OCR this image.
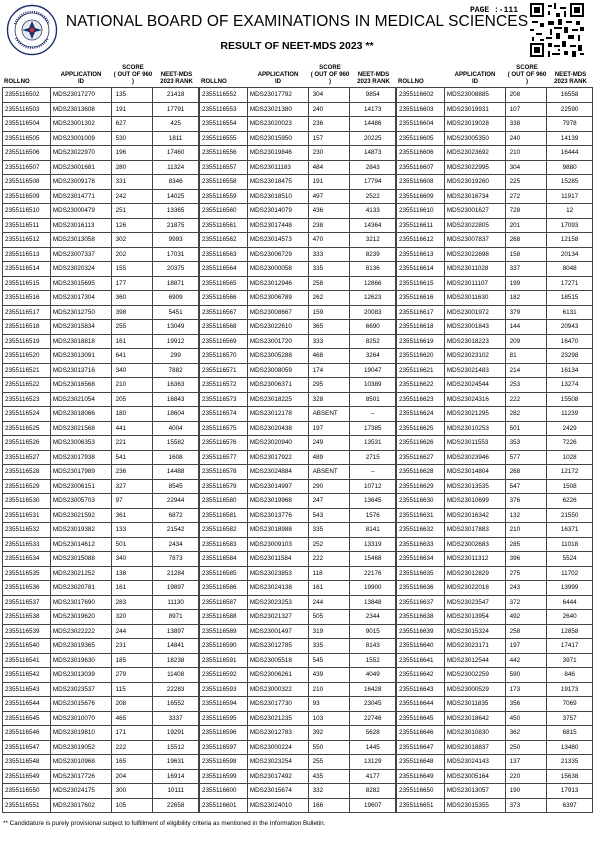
PAGE :-111
NATIONAL BOARD OF EXAMINATIONS IN MEDICAL SCIENCES
RESULT OF NEET-MDS 2023 **
ROLLNO
APPLICATION
ID
SCORE
( OUT OF 960 )
NEET-MDS
2023 RANK
2355116502	MDS23017270	135	21418
2355116503	MDS23013608	191	17791
2355116504	MDS23001302	627	425
2355116505	MDS23001009	530	1811
2355116506	MDS23022970	196	17460
2355116507	MDS23001681	280	11324
2355116508	MDS23009178	331	8346
2355116509	MDS23014771	242	14025
2355116510	MDS23000479	251	13365
2355116511	MDS23016113	126	21875
2355116512	MDS23013058	302	9993
2355116513	MDS23007337	202	17031
2355116514	MDS23020324	155	20375
2355116515	MDS23015695	177	18871
2355116516	MDS23017304	360	6909
2355116517	MDS23012750	398	5451
2355116518	MDS23015834	255	13049
2355116519	MDS23018818	161	19912
2355116520	MDS23013091	641	299
2355116521	MDS23013716	340	7882
2355116522	MDS23016568	210	16363
2355116523	MDS23021054	205	16843
2355116524	MDS23018066	180	18604
2355116525	MDS23021568	441	4004
2355116526	MDS23006353	221	15582
2355116527	MDS23017938	541	1608
2355116528	MDS23017989	236	14488
2355116529	MDS23006151	327	8545
2355116530	MDS23005703	97	22944
2355116531	MDS23021592	361	6872
2355116532	MDS23019382	133	21542
2355116533	MDS23014612	501	2434
2355116534	MDS23015088	340	7873
2355116535	MDS23021252	138	21284
2355116536	MDS23020781	161	19897
2355116537	MDS23017690	283	11130
2355116538	MDS23019620	320	8971
2355116539	MDS23022222	244	13897
2355116540	MDS23019365	231	14841
2355116541	MDS23019630	185	18238
2355116542	MDS23013039	279	11408
2355116543	MDS23023537	115	22283
2355116544	MDS23015676	208	16552
2355116545	MDS23010070	465	3337
2355116546	MDS23019810	171	19291
2355116547	MDS23019052	222	15512
2355116548	MDS23010968	165	19631
2355116549	MDS23017726	204	16914
2355116550	MDS23024175	300	10111
2355116551	MDS23017602	105	22658
ROLLNO
APPLICATION
ID
SCORE
( OUT OF 960 )
NEET-MDS
2023 RANK
2355116552	MDS23017792	304	9854
2355116553	MDS23021380	240	14173
2355116554	MDS23020023	236	14486
2355116555	MDS23015950	157	20225
2355116556	MDS23019846	230	14873
2355116557	MDS23011183	484	2843
2355116558	MDS23018475	191	17794
2355116559	MDS23018510	497	2522
2355116560	MDS23014079	436	4133
2355116561	MDS23017448	238	14364
2355116562	MDS23014573	470	3212
2355116563	MDS23006729	333	8239
2355116564	MDS23000058	335	8136
2355116565	MDS23012946	258	12866
2355116566	MDS23006789	262	12623
2355116567	MDS23008667	159	20083
2355116568	MDS23022610	365	6690
2355116569	MDS23001720	333	8252
2355116570	MDS23005288	468	3264
2355116571	MDS23008059	174	19047
2355116572	MDS23006371	295	10389
2355116573	MDS23018225	328	8501
2355116574	MDS23012178	ABSENT	--
2355116575	MDS23020438	197	17385
2355116576	MDS23020940	249	13531
2355116577	MDS23017922	489	2715
2355116578	MDS23024884	ABSENT	--
2355116579	MDS23014997	290	10712
2355116580	MDS23019968	247	13645
2355116581	MDS23013776	543	1576
2355116582	MDS23018988	335	8141
2355116583	MDS23009103	252	13319
2355116584	MDS23011584	222	15468
2355116585	MDS23023853	118	22176
2355116586	MDS23024138	161	19900
2355116587	MDS23023253	244	13848
2355116588	MDS23021327	505	2344
2355116589	MDS23001497	319	9015
2355116590	MDS23012785	335	8143
2355116591	MDS23005518	545	1552
2355116592	MDS23006261	439	4049
2355116593	MDS23000322	210	16428
2355116594	MDS23017730	93	23045
2355116595	MDS23021235	103	22746
2355116596	MDS23012783	392	5628
2355116597	MDS23000224	550	1445
2355116598	MDS23023254	255	13129
2355116599	MDS23017492	435	4177
2355116600	MDS23015674	332	8282
2355116601	MDS23024010	166	19607
ROLLNO
APPLICATION
ID
SCORE
( OUT OF 960 )
NEET-MDS
2023 RANK
2355116602	MDS23008885	208	16558
2355116603	MDS23019931	107	22590
2355116604	MDS23019028	338	7978
2355116605	MDS23005350	240	14139
2355116606	MDS23023692	210	16444
2355116607	MDS23022995	304	9880
2355116608	MDS23019260	225	15285
2355116609	MDS23016734	272	11917
2355116610	MDS23001627	728	12
2355116611	MDS23022805	201	17093
2355116612	MDS23007837	268	12158
2355116613	MDS23022698	158	20134
2355116614	MDS23011028	337	8048
2355116615	MDS23011107	199	17271
2355116616	MDS23011630	182	18515
2355116617	MDS23001972	379	6131
2355116618	MDS23001843	144	20943
2355116619	MDS23018223	209	16470
2355116620	MDS23023102	81	23298
2355116621	MDS23021483	214	16134
2355116622	MDS23024544	253	13274
2355116623	MDS23024316	222	15508
2355116624	MDS23021295	282	11239
2355116625	MDS23010253	501	2429
2355116626	MDS23011553	353	7226
2355116627	MDS23023946	577	1028
2355116628	MDS23014804	268	12172
2355116629	MDS23013535	547	1508
2355116630	MDS23010699	376	6226
2355116631	MDS23016342	132	21550
2355116632	MDS23017883	210	16371
2355116633	MDS23002683	285	11018
2355116634	MDS23011312	396	5524
2355116635	MDS23012829	275	11702
2355116636	MDS23022018	243	13999
2355116637	MDS23023547	372	6444
2355116638	MDS23013954	492	2640
2355116639	MDS23015324	258	12858
2355116640	MDS23023171	197	17417
2355116641	MDS23012544	442	3971
2355116642	MDS23002259	590	846
2355116643	MDS23000529	173	19173
2355116644	MDS23011835	356	7069
2355116645	MDS23018642	450	3757
2355116646	MDS23010830	362	6815
2355116647	MDS23018837	250	13480
2355116648	MDS23024143	137	21335
2355116649	MDS23005164	220	15638
2355116650	MDS23013057	190	17913
2355116651	MDS23015355	373	6397
** Candidature is purely provisional subject to fulfillment of eligibility criteria as mentioned in the Information Bulletin.
